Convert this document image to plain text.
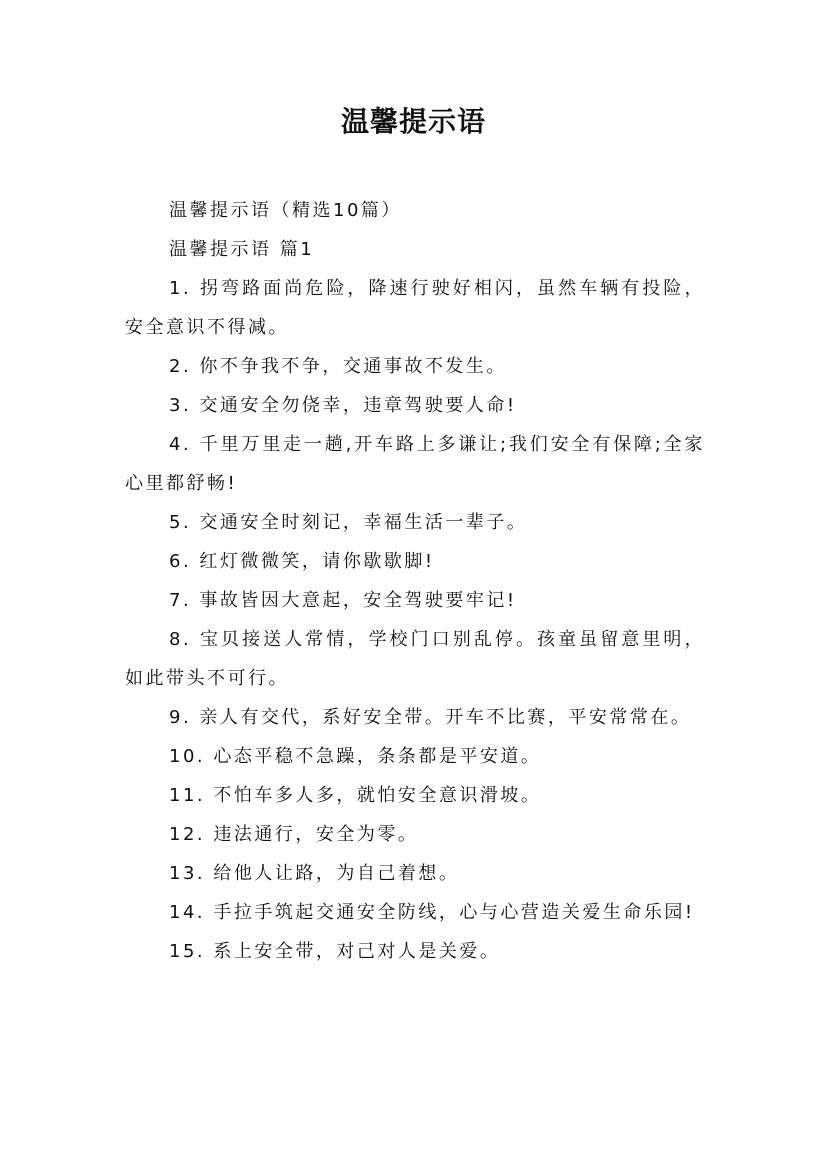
温馨提示语

温馨提示语（精选10篇）

温馨提示语 篇1

1. 拐弯路面尚危险，降速行驶好相闪，虽然车辆有投险，安全意识不得减。

2. 你不争我不争，交通事故不发生。

3. 交通安全勿侥幸，违章驾驶要人命!

4. 千里万里走一趟,开车路上多谦让;我们安全有保障;全家心里都舒畅!

5. 交通安全时刻记，幸福生活一辈子。

6. 红灯微微笑，请你歇歇脚!

7. 事故皆因大意起，安全驾驶要牢记!

8. 宝贝接送人常情，学校门口别乱停。孩童虽留意里明，如此带头不可行。

9. 亲人有交代，系好安全带。开车不比赛，平安常常在。

10. 心态平稳不急躁，条条都是平安道。

11. 不怕车多人多，就怕安全意识滑坡。

12. 违法通行，安全为零。

13. 给他人让路，为自己着想。

14. 手拉手筑起交通安全防线，心与心营造关爱生命乐园!

15. 系上安全带，对己对人是关爱。
